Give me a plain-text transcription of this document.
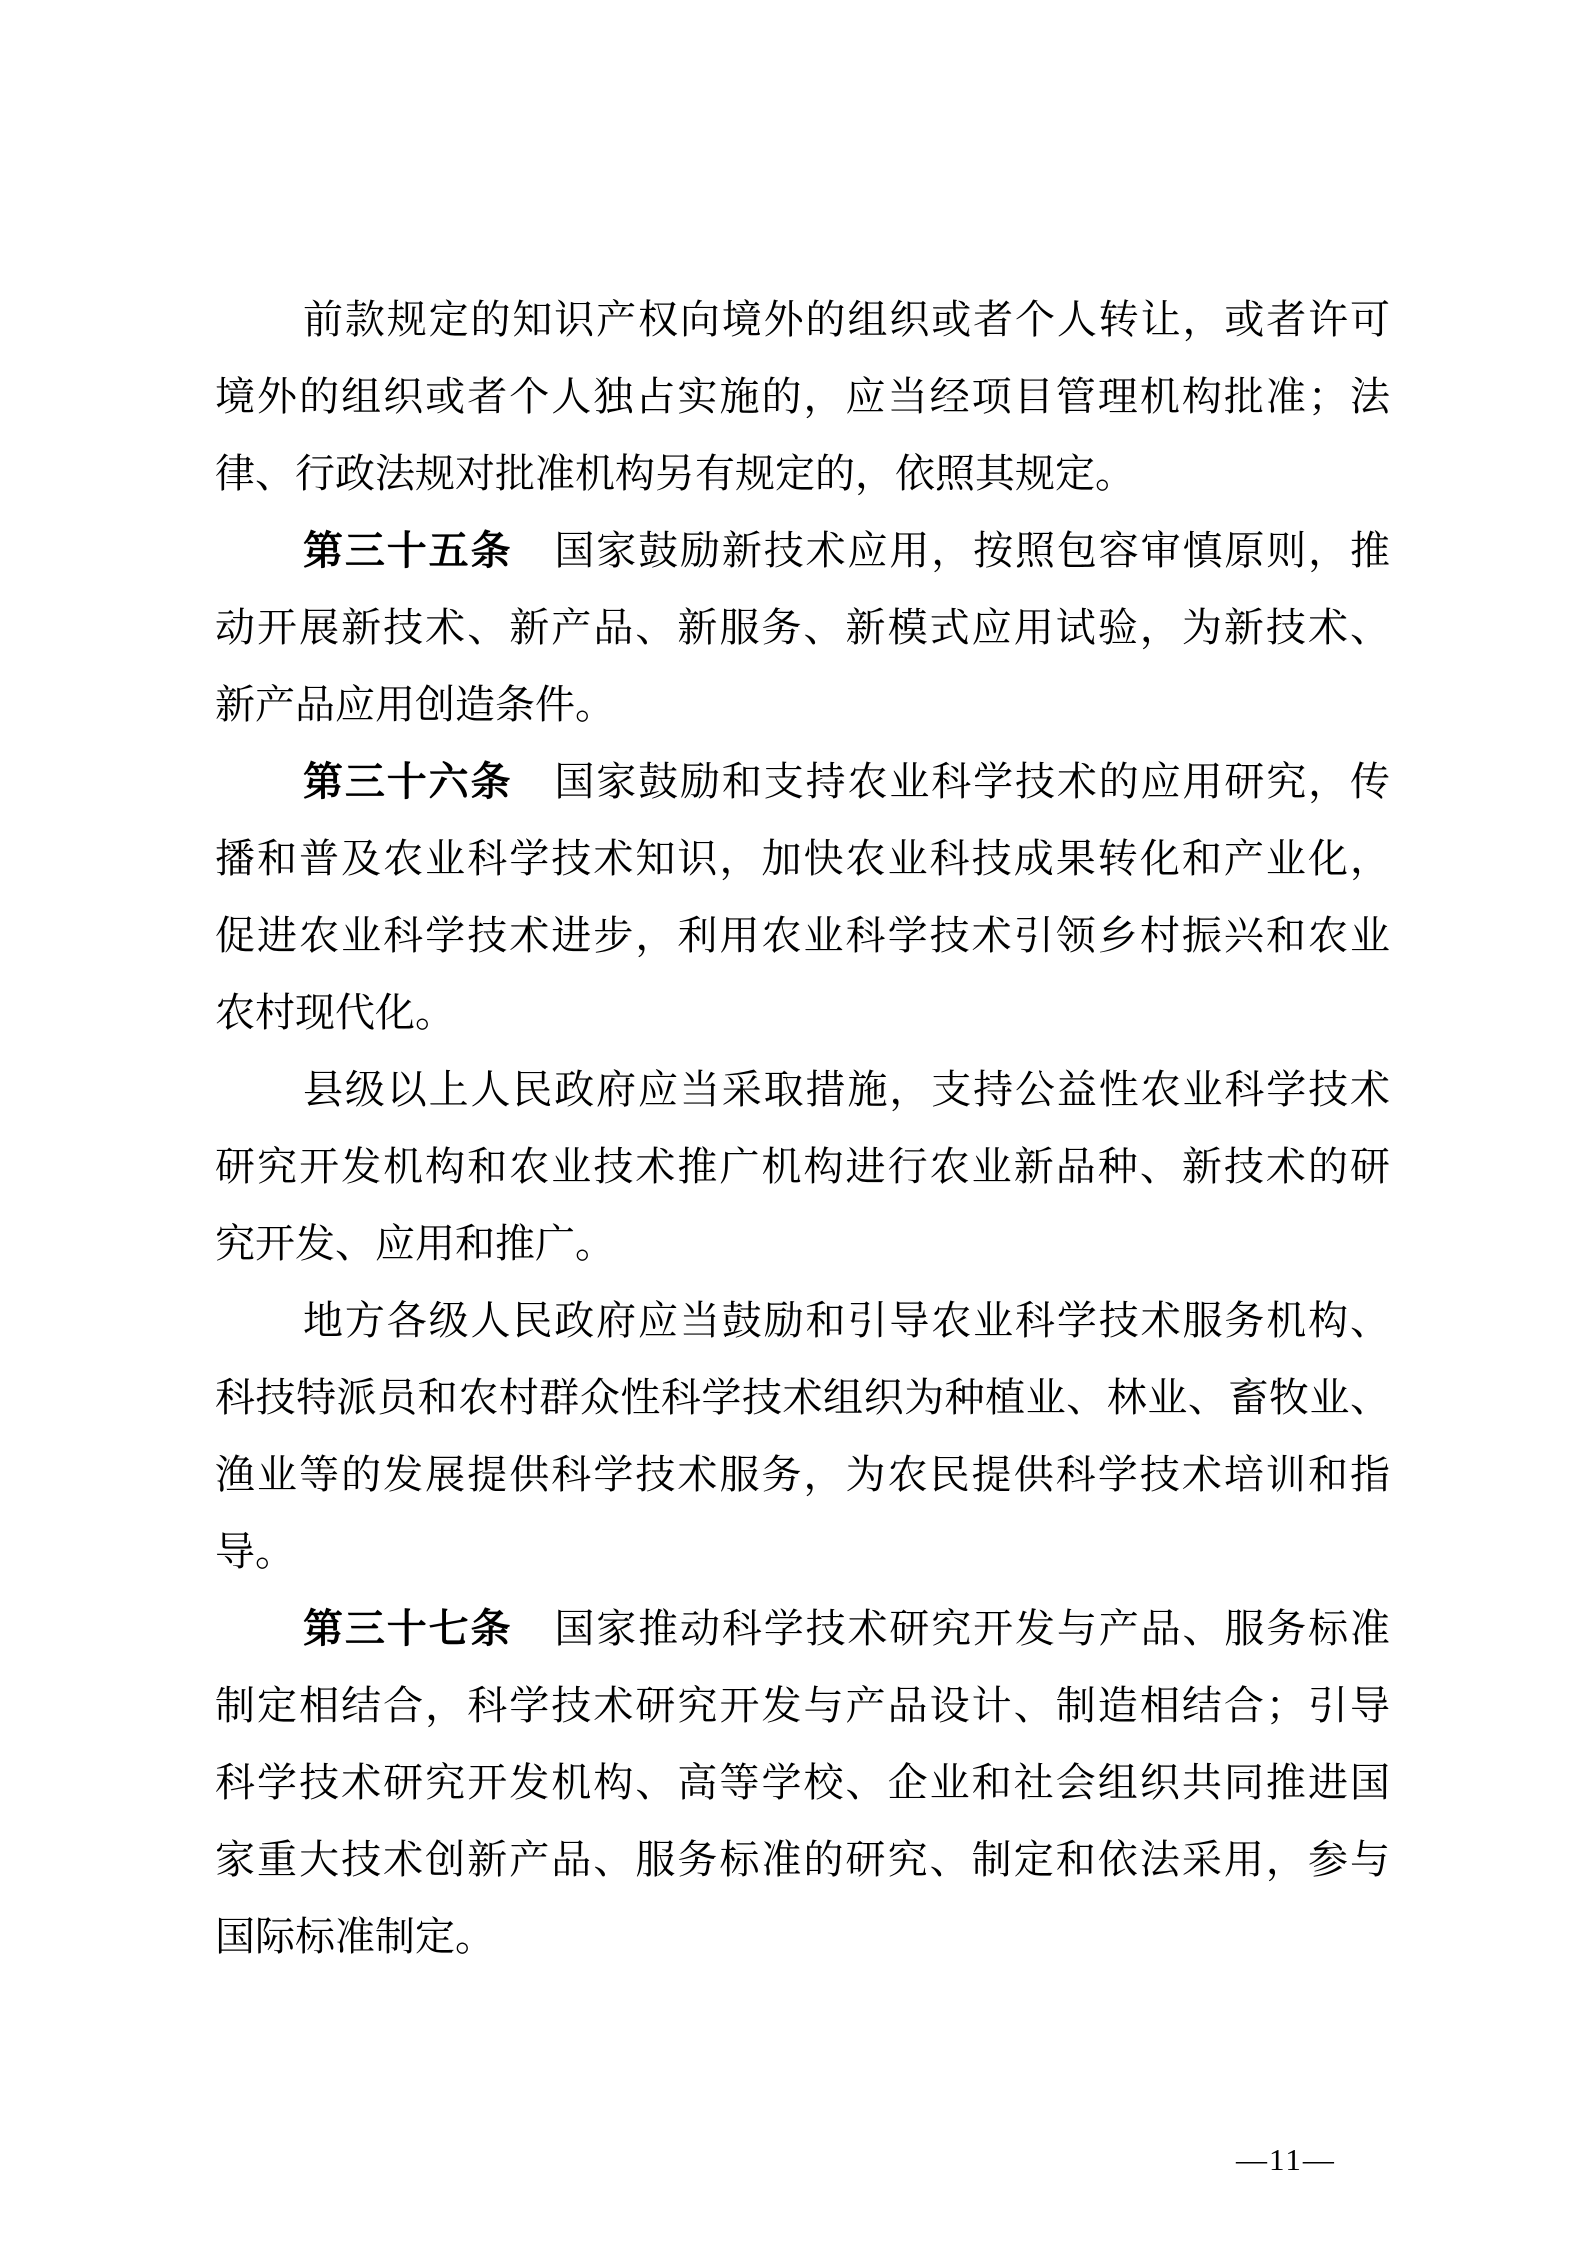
前款规定的知识产权向境外的组织或者个人转让，或者许可
境外的组织或者个人独占实施的，应当经项目管理机构批准；法
律、行政法规对批准机构另有规定的，依照其规定。
第三十五条 国家鼓励新技术应用，按照包容审慎原则，推
动开展新技术、新产品、新服务、新模式应用试验，为新技术、
新产品应用创造条件。
第三十六条 国家鼓励和支持农业科学技术的应用研究，传
播和普及农业科学技术知识，加快农业科技成果转化和产业化，
促进农业科学技术进步，利用农业科学技术引领乡村振兴和农业
农村现代化。
县级以上人民政府应当采取措施，支持公益性农业科学技术
研究开发机构和农业技术推广机构进行农业新品种、新技术的研
究开发、应用和推广。
地方各级人民政府应当鼓励和引导农业科学技术服务机构、
科技特派员和农村群众性科学技术组织为种植业、林业、畜牧业、
渔业等的发展提供科学技术服务，为农民提供科学技术培训和指
导。
第三十七条 国家推动科学技术研究开发与产品、服务标准
制定相结合，科学技术研究开发与产品设计、制造相结合；引导
科学技术研究开发机构、高等学校、企业和社会组织共同推进国
家重大技术创新产品、服务标准的研究、制定和依法采用，参与
国际标准制定。
—11—
